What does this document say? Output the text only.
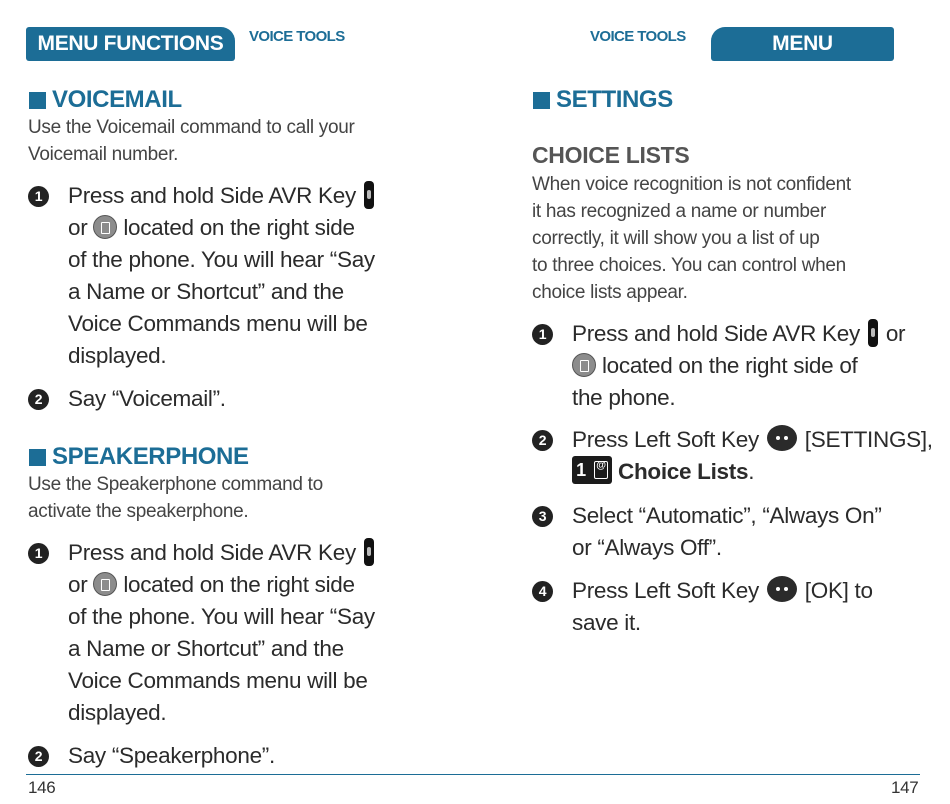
MENU FUNCTIONS	VOICE TOOLS
VOICEMAIL
Use the Voicemail command to call your
Voicemail number.
1	Press and hold Side AVR Key
or located on the right side
of the phone. You will hear “Say
a Name or Shortcut” and the
Voice Commands menu will be
displayed.
2	Say “Voicemail”.
SPEAKERPHONE
Use the Speakerphone command to
activate the speakerphone.
1	Press and hold Side AVR Key
or located on the right side
of the phone. You will hear “Say
a Name or Shortcut” and the
Voice Commands menu will be
displayed.
2	Say “Speakerphone”.
146
VOICE TOOLS	MENU FUNCTIONS
SETTINGS
CHOICE LISTS
When voice recognition is not confident
it has recognized a name or number
correctly, it will show you a list of up
to three choices. You can control when
choice lists appear.
1	Press and hold Side AVR Key or
located on the right side of
the phone.
2	Press Left Soft Key [SETTINGS],
1 @ Choice Lists.
3	Select “Automatic”, “Always On”
or “Always Off”.
4	Press Left Soft Key [OK] to
save it.
147
